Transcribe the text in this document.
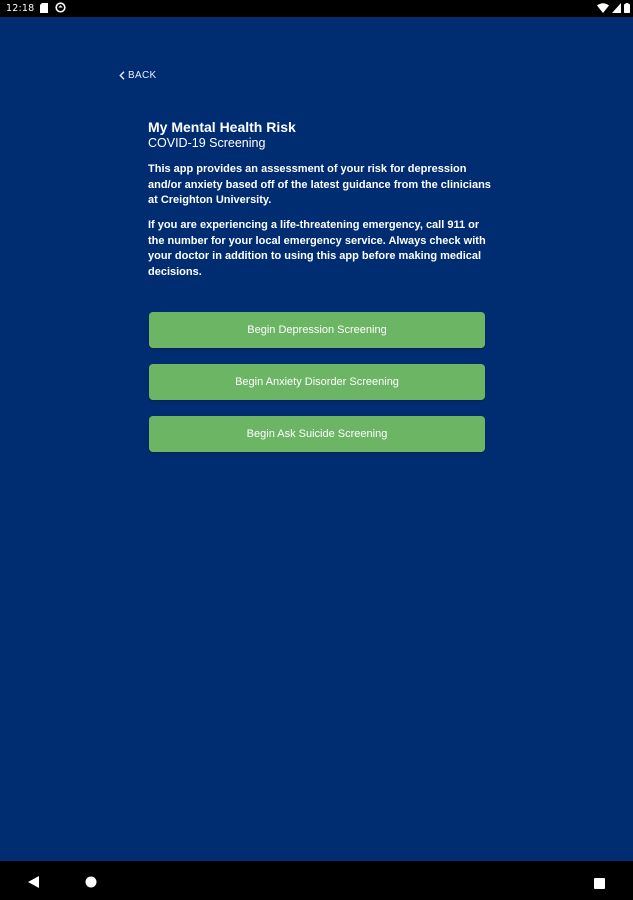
12:18
BACK
My Mental Health Risk
COVID-19 Screening

This app provides an assessment of your risk for depression and/or anxiety based off of the latest guidance from the clinicians at Creighton University.

If you are experiencing a life-threatening emergency, call 911 or the number for your local emergency service. Always check with your doctor in addition to using this app before making medical decisions.

Begin Depression Screening
Begin Anxiety Disorder Screening
Begin Ask Suicide Screening
